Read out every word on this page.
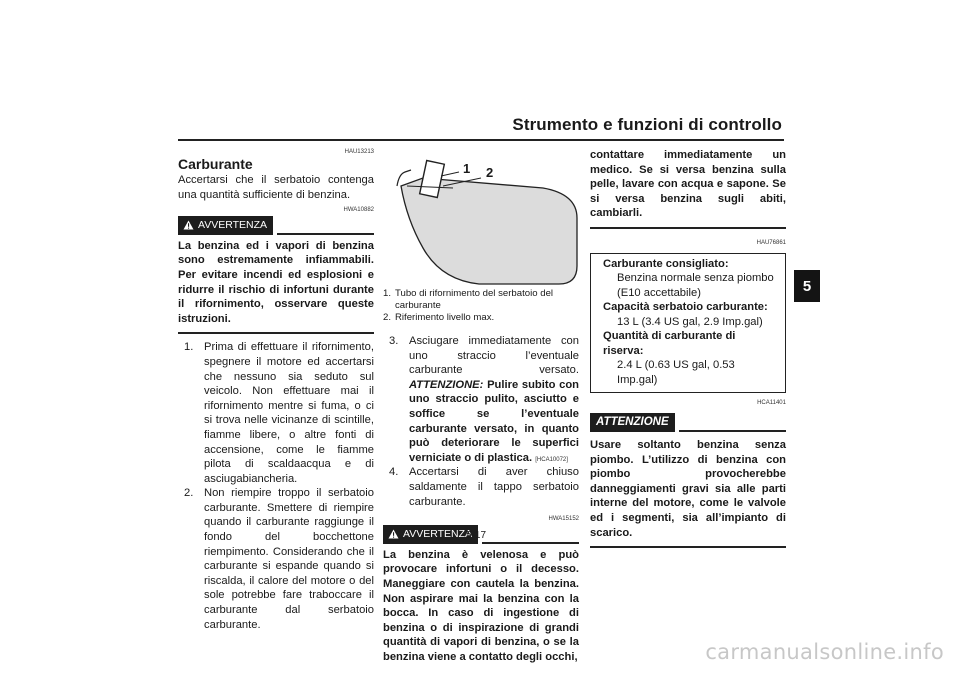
Strumento e funzioni di controllo
5
HAU13213
Carburante

Accertarsi che il serbatoio contenga una quantità sufficiente di benzina.

HWA10882
AVVERTENZA

La benzina ed i vapori di benzina sono estremamente infiammabili. Per evitare incendi ed esplosioni e ridurre il rischio di infortuni durante il rifornimento, osservare queste istruzioni.

1. Prima di effettuare il rifornimento, spegnere il motore ed accertarsi che nessuno sia seduto sul veicolo. Non effettuare mai il rifornimento mentre si fuma, o ci si trova nelle vicinanze di scintille, fiamme libere, o altre fonti di accensione, come le fiamme pilota di scaldaacqua e di asciugabiancheria.
2. Non riempire troppo il serbatoio carburante. Smettere di riempire quando il carburante raggiunge il fondo del bocchettone riempimento. Considerando che il carburante si espande quando si riscalda, il calore del motore o del sole potrebbe fare traboccare il carburante dal serbatoio carburante.
1 2
1. Tubo di rifornimento del serbatoio del carburante
2. Riferimento livello max.
3. Asciugare immediatamente con uno straccio l’eventuale carburante versato. ATTENZIONE: Pulire subito con uno straccio pulito, asciutto e soffice se l’eventuale carburante versato, in quanto può deteriorare le superfici verniciate o di plastica. [HCA10072]
4. Accertarsi di aver chiuso saldamente il tappo serbatoio carburante.
HWA15152
AVVERTENZA

La benzina è velenosa e può provocare infortuni o il decesso. Maneggiare con cautela la benzina. Non aspirare mai la benzina con la bocca. In caso di ingestione di benzina o di inspirazione di grandi quantità di vapori di benzina, o se la benzina viene a contatto degli occhi,

contattare immediatamente un medico. Se si versa benzina sulla pelle, lavare con acqua e sapone. Se si versa benzina sugli abiti, cambiarli.

HAU76861
Carburante consigliato:
Benzina normale senza piombo
(E10 accettabile)
Capacità serbatoio carburante:
13 L (3.4 US gal, 2.9 Imp.gal)
Quantità di carburante di riserva:
2.4 L (0.63 US gal, 0.53 Imp.gal)
HCA11401
ATTENZIONE

Usare soltanto benzina senza piombo. L’utilizzo di benzina con piombo provocherebbe danneggiamenti gravi sia alle parti interne del motore, come le valvole ed i segmenti, sia all’impianto di scarico.

5-17
carmanualsonline.info
